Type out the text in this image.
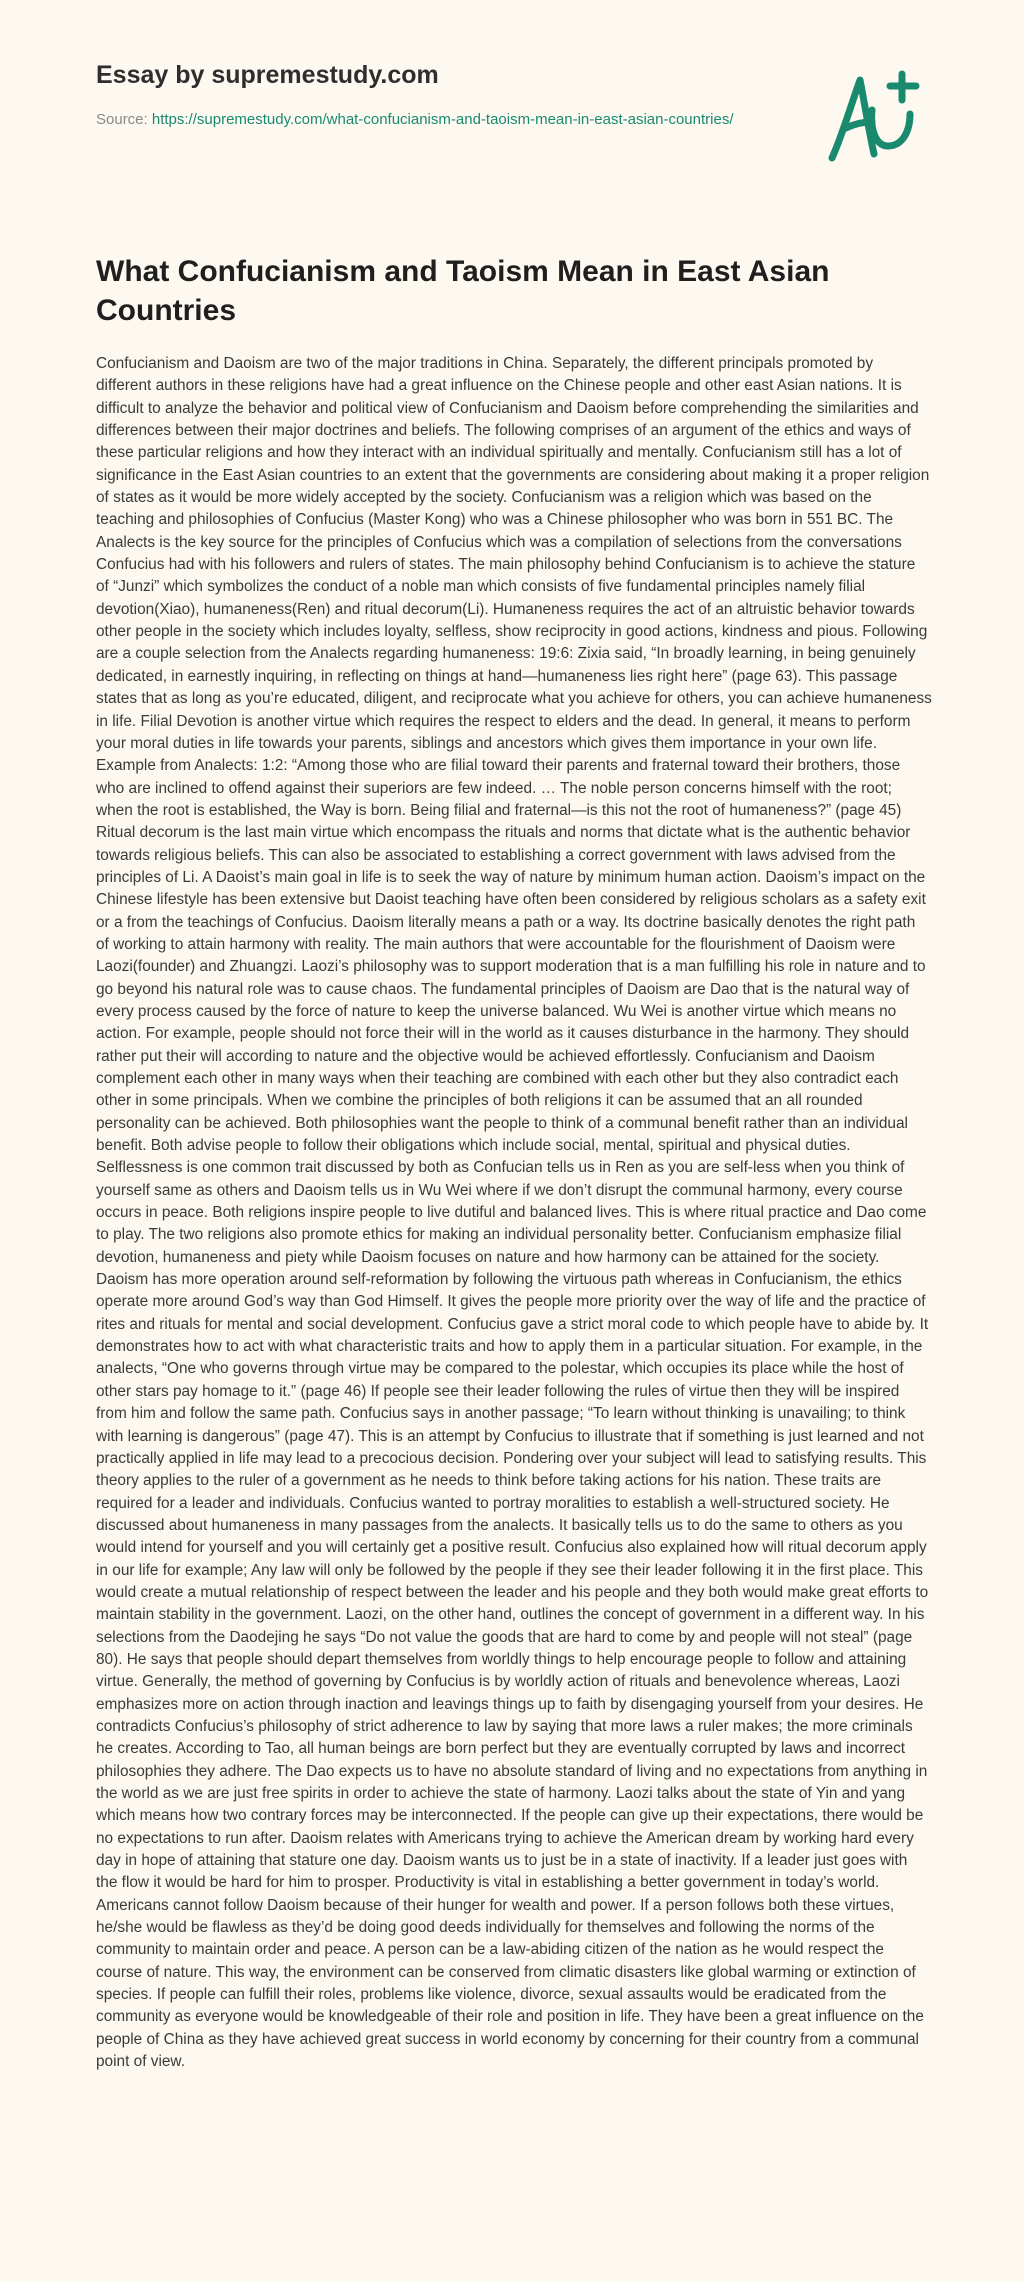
Essay by supremestudy.com
Source: https://supremestudy.com/what-confucianism-and-taoism-mean-in-east-asian-countries/
What Confucianism and Taoism Mean in East Asian Countries

Confucianism and Daoism are two of the major traditions in China. Separately, the different principals promoted by different authors in these religions have had a great influence on the Chinese people and other east Asian nations. It is difficult to analyze the behavior and political view of Confucianism and Daoism before comprehending the similarities and differences between their major doctrines and beliefs. The following comprises of an argument of the ethics and ways of these particular religions and how they interact with an individual spiritually and mentally. Confucianism still has a lot of significance in the East Asian countries to an extent that the governments are considering about making it a proper religion of states as it would be more widely accepted by the society. Confucianism was a religion which was based on the teaching and philosophies of Confucius (Master Kong) who was a Chinese philosopher who was born in 551 BC. The Analects is the key source for the principles of Confucius which was a compilation of selections from the conversations Confucius had with his followers and rulers of states. The main philosophy behind Confucianism is to achieve the stature of “Junzi” which symbolizes the conduct of a noble man which consists of five fundamental principles namely filial devotion(Xiao), humaneness(Ren) and ritual decorum(Li). Humaneness requires the act of an altruistic behavior towards other people in the society which includes loyalty, selfless, show reciprocity in good actions, kindness and pious. Following are a couple selection from the Analects regarding humaneness: 19:6: Zixia said, “In broadly learning, in being genuinely dedicated, in earnestly inquiring, in reflecting on things at hand—humaneness lies right here” (page 63). This passage states that as long as you’re educated, diligent, and reciprocate what you achieve for others, you can achieve humaneness in life. Filial Devotion is another virtue which requires the respect to elders and the dead. In general, it means to perform your moral duties in life towards your parents, siblings and ancestors which gives them importance in your own life. Example from Analects: 1:2: “Among those who are filial toward their parents and fraternal toward their brothers, those who are inclined to offend against their superiors are few indeed. … The noble person concerns himself with the root; when the root is established, the Way is born. Being filial and fraternal—is this not the root of humaneness?” (page 45) Ritual decorum is the last main virtue which encompass the rituals and norms that dictate what is the authentic behavior towards religious beliefs. This can also be associated to establishing a correct government with laws advised from the principles of Li. A Daoist’s main goal in life is to seek the way of nature by minimum human action. Daoism’s impact on the Chinese lifestyle has been extensive but Daoist teaching have often been considered by religious scholars as a safety exit or a from the teachings of Confucius. Daoism literally means a path or a way. Its doctrine basically denotes the right path of working to attain harmony with reality. The main authors that were accountable for the flourishment of Daoism were Laozi(founder) and Zhuangzi. Laozi’s philosophy was to support moderation that is a man fulfilling his role in nature and to go beyond his natural role was to cause chaos. The fundamental principles of Daoism are Dao that is the natural way of every process caused by the force of nature to keep the universe balanced. Wu Wei is another virtue which means no action. For example, people should not force their will in the world as it causes disturbance in the harmony. They should rather put their will according to nature and the objective would be achieved effortlessly. Confucianism and Daoism complement each other in many ways when their teaching are combined with each other but they also contradict each other in some principals. When we combine the principles of both religions it can be assumed that an all rounded personality can be achieved. Both philosophies want the people to think of a communal benefit rather than an individual benefit. Both advise people to follow their obligations which include social, mental, spiritual and physical duties. Selflessness is one common trait discussed by both as Confucian tells us in Ren as you are self-less when you think of yourself same as others and Daoism tells us in Wu Wei where if we don’t disrupt the communal harmony, every course occurs in peace. Both religions inspire people to live dutiful and balanced lives. This is where ritual practice and Dao come to play. The two religions also promote ethics for making an individual personality better. Confucianism emphasize filial devotion, humaneness and piety while Daoism focuses on nature and how harmony can be attained for the society. Daoism has more operation around self-reformation by following the virtuous path whereas in Confucianism, the ethics operate more around God’s way than God Himself. It gives the people more priority over the way of life and the practice of rites and rituals for mental and social development. Confucius gave a strict moral code to which people have to abide by. It demonstrates how to act with what characteristic traits and how to apply them in a particular situation. For example, in the analects, “One who governs through virtue may be compared to the polestar, which occupies its place while the host of other stars pay homage to it.” (page 46) If people see their leader following the rules of virtue then they will be inspired from him and follow the same path. Confucius says in another passage; “To learn without thinking is unavailing; to think with learning is dangerous” (page 47). This is an attempt by Confucius to illustrate that if something is just learned and not practically applied in life may lead to a precocious decision. Pondering over your subject will lead to satisfying results. This theory applies to the ruler of a government as he needs to think before taking actions for his nation. These traits are required for a leader and individuals. Confucius wanted to portray moralities to establish a well-structured society. He discussed about humaneness in many passages from the analects. It basically tells us to do the same to others as you would intend for yourself and you will certainly get a positive result. Confucius also explained how will ritual decorum apply in our life for example; Any law will only be followed by the people if they see their leader following it in the first place. This would create a mutual relationship of respect between the leader and his people and they both would make great efforts to maintain stability in the government. Laozi, on the other hand, outlines the concept of government in a different way. In his selections from the Daodejing he says “Do not value the goods that are hard to come by and people will not steal” (page 80). He says that people should depart themselves from worldly things to help encourage people to follow and attaining virtue. Generally, the method of governing by Confucius is by worldly action of rituals and benevolence whereas, Laozi emphasizes more on action through inaction and leavings things up to faith by disengaging yourself from your desires. He contradicts Confucius’s philosophy of strict adherence to law by saying that more laws a ruler makes; the more criminals he creates. According to Tao, all human beings are born perfect but they are eventually corrupted by laws and incorrect philosophies they adhere. The Dao expects us to have no absolute standard of living and no expectations from anything in the world as we are just free spirits in order to achieve the state of harmony. Laozi talks about the state of Yin and yang which means how two contrary forces may be interconnected. If the people can give up their expectations, there would be no expectations to run after. Daoism relates with Americans trying to achieve the American dream by working hard every day in hope of attaining that stature one day. Daoism wants us to just be in a state of inactivity. If a leader just goes with the flow it would be hard for him to prosper. Productivity is vital in establishing a better government in today’s world. Americans cannot follow Daoism because of their hunger for wealth and power. If a person follows both these virtues, he/she would be flawless as they’d be doing good deeds individually for themselves and following the norms of the community to maintain order and peace. A person can be a law-abiding citizen of the nation as he would respect the course of nature. This way, the environment can be conserved from climatic disasters like global warming or extinction of species. If people can fulfill their roles, problems like violence, divorce, sexual assaults would be eradicated from the community as everyone would be knowledgeable of their role and position in life. They have been a great influence on the people of China as they have achieved great success in world economy by concerning for their country from a communal point of view.
